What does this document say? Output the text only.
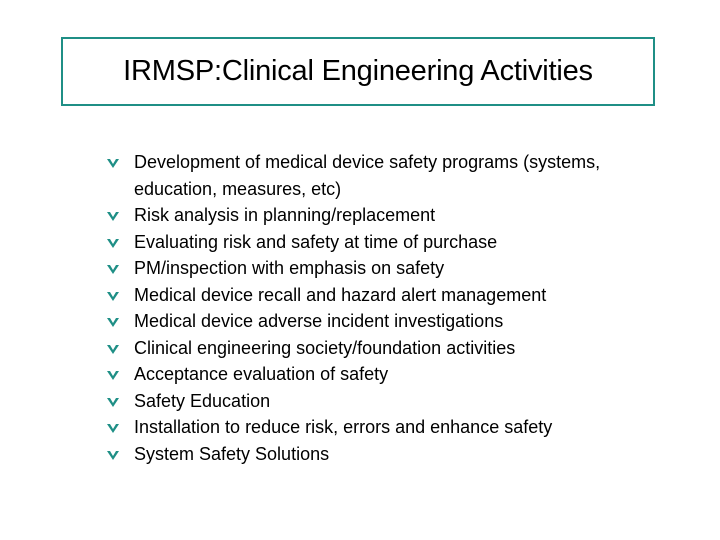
IRMSP:Clinical Engineering Activities
Development of medical device safety programs (systems, education, measures, etc)
Risk analysis in planning/replacement
Evaluating risk and safety at time of purchase
PM/inspection with emphasis on safety
Medical device recall and hazard alert management
Medical device adverse incident investigations
Clinical engineering society/foundation activities
Acceptance evaluation of safety
Safety Education
Installation to reduce risk, errors and enhance safety
System Safety Solutions
